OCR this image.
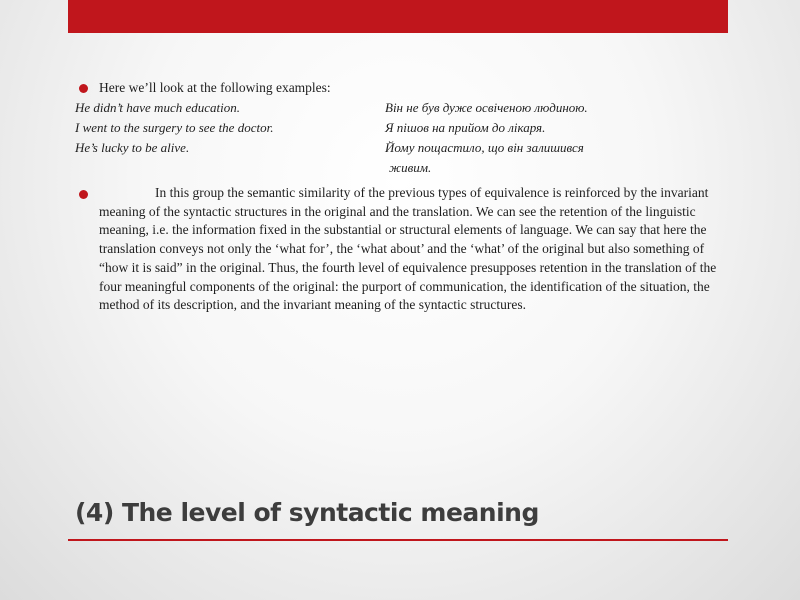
Here we’ll look at the following examples:
He didn’t have much education.	Він не був дуже освіченою людиною.
I went to the surgery to see the doctor.	Я пішов на прийом до лікаря.
He’s lucky to be alive.	Йому пощастило, що він залишився
живим.
In this group the semantic similarity of the previous types of equivalence is reinforced by the invariant meaning of the syntactic structures in the original and the translation. We can see the retention of the linguistic meaning, i.e. the information fixed in the substantial or structural elements of language. We can say that here the translation conveys not only the ‘what for’, the ‘what about’ and the ‘what’ of the original but also something of “how it is said” in the original. Thus, the fourth level of equivalence presupposes retention in the translation of the four meaningful components of the original: the purport of communication, the identification of the situation, the method of its description, and the invariant meaning of the syntactic structures.
(4) The level of syntactic meaning
